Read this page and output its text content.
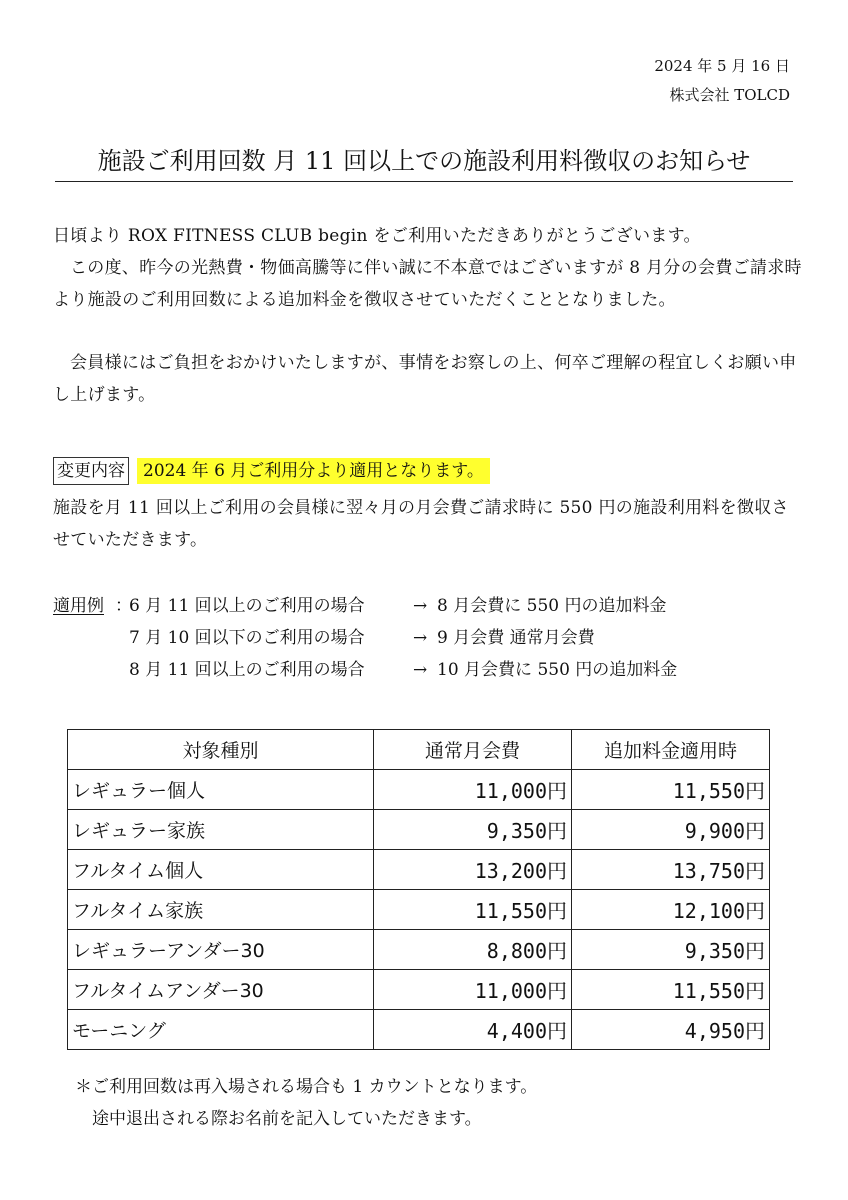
2024 年 5 月 16 日
株式会社 TOLCD
施設ご利用回数 月 11 回以上での施設利用料徴収のお知らせ
日頃より ROX FITNESS CLUB begin をご利用いただきありがとうございます。
この度、昨今の光熱費・物価高騰等に伴い誠に不本意ではございますが 8 月分の会費ご請求時より施設のご利用回数による追加料金を徴収させていただくこととなりました。
会員様にはご負担をおかけいたしますが、事情をお察しの上、何卒ご理解の程宜しくお願い申し上げます。
変更内容	2024 年 6 月ご利用分より適用となります。
施設を月 11 回以上ご利用の会員様に翌々月の月会費ご請求時に 550 円の施設利用料を徴収させていただきます。
適用例 ：
6 月 11 回以上のご利用の場合	→ 8 月会費に 550 円の追加料金
7 月 10 回以下のご利用の場合	→ 9 月会費 通常月会費
8 月 11 回以上のご利用の場合	→ 10 月会費に 550 円の追加料金
対象種別	通常月会費	追加料金適用時
レギュラー個人	11,000円	11,550円
レギュラー家族	9,350円	9,900円
フルタイム個人	13,200円	13,750円
フルタイム家族	11,550円	12,100円
レギュラーアンダー30	8,800円	9,350円
フルタイムアンダー30	11,000円	11,550円
モーニング	4,400円	4,950円
＊ご利用回数は再入場される場合も 1 カウントとなります。
途中退出される際お名前を記入していただきます。
